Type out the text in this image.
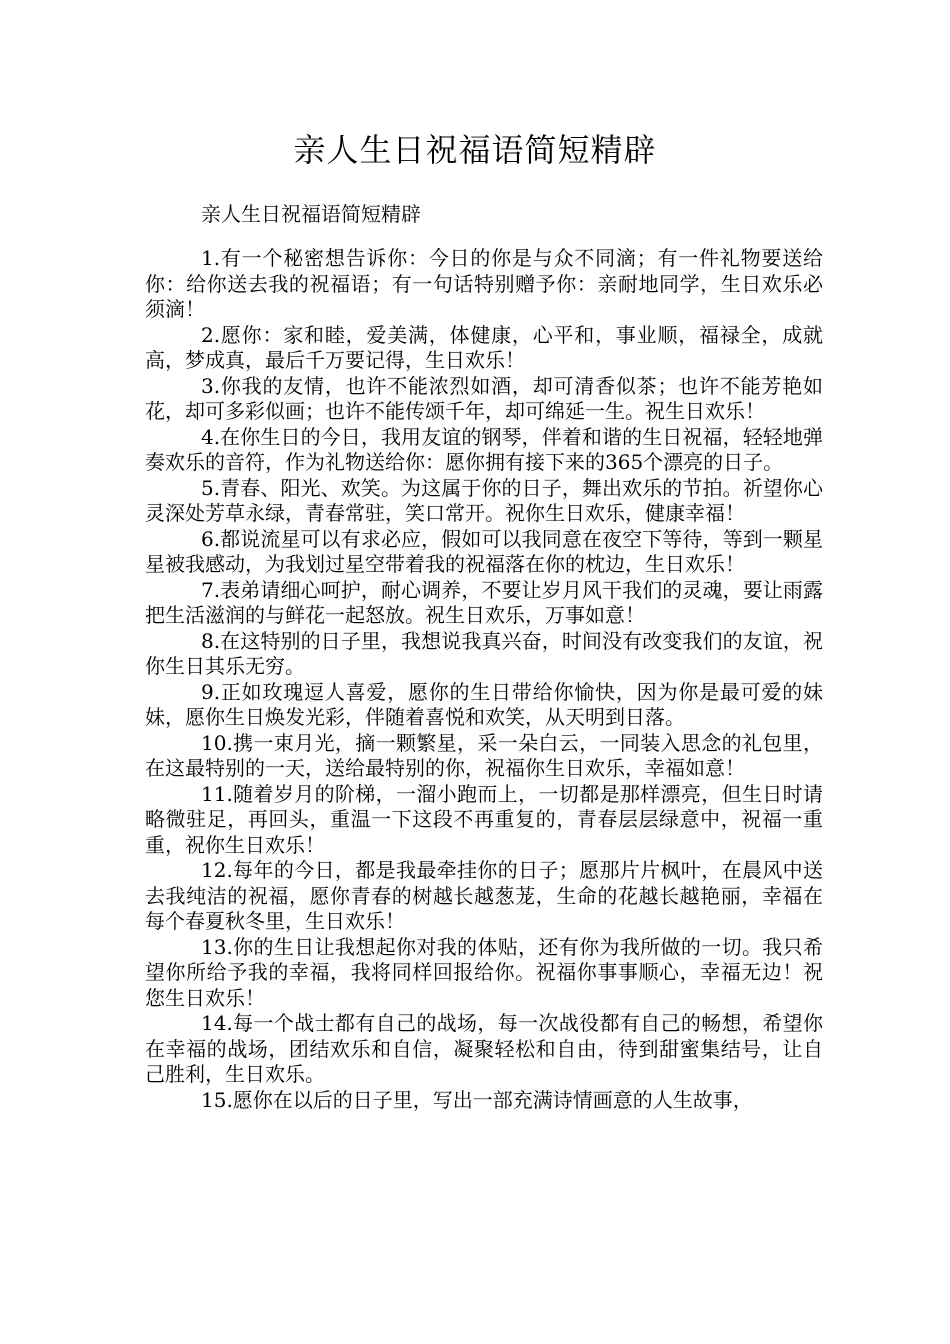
亲人生日祝福语简短精辟
亲人生日祝福语简短精辟

1.有一个秘密想告诉你：今日的你是与众不同滴；有一件礼物要送给你：给你送去我的祝福语；有一句话特别赠予你：亲耐地同学，生日欢乐必须滴！

2.愿你：家和睦，爱美满，体健康，心平和，事业顺，福禄全，成就高，梦成真，最后千万要记得，生日欢乐！

3.你我的友情，也许不能浓烈如酒，却可清香似茶；也许不能芳艳如花，却可多彩似画；也许不能传颂千年，却可绵延一生。祝生日欢乐！

4.在你生日的今日，我用友谊的钢琴，伴着和谐的生日祝福，轻轻地弹奏欢乐的音符，作为礼物送给你：愿你拥有接下来的365个漂亮的日子。

5.青春、阳光、欢笑。为这属于你的日子，舞出欢乐的节拍。祈望你心灵深处芳草永绿，青春常驻，笑口常开。祝你生日欢乐，健康幸福！

6.都说流星可以有求必应，假如可以我同意在夜空下等待，等到一颗星星被我感动，为我划过星空带着我的祝福落在你的枕边，生日欢乐！

7.表弟请细心呵护，耐心调养，不要让岁月风干我们的灵魂，要让雨露把生活滋润的与鲜花一起怒放。祝生日欢乐，万事如意！

8.在这特别的日子里，我想说我真兴奋，时间没有改变我们的友谊，祝你生日其乐无穷。

9.正如玫瑰逗人喜爱，愿你的生日带给你愉快，因为你是最可爱的妹妹，愿你生日焕发光彩，伴随着喜悦和欢笑，从天明到日落。

10.携一束月光，摘一颗繁星，采一朵白云，一同装入思念的礼包里，在这最特别的一天，送给最特别的你，祝福你生日欢乐，幸福如意！

11.随着岁月的阶梯，一溜小跑而上，一切都是那样漂亮，但生日时请略微驻足，再回头，重温一下这段不再重复的，青春层层绿意中，祝福一重重，祝你生日欢乐！

12.每年的今日，都是我最牵挂你的日子；愿那片片枫叶，在晨风中送去我纯洁的祝福，愿你青春的树越长越葱茏，生命的花越长越艳丽，幸福在每个春夏秋冬里，生日欢乐！

13.你的生日让我想起你对我的体贴，还有你为我所做的一切。我只希望你所给予我的幸福，我将同样回报给你。祝福你事事顺心，幸福无边！祝您生日欢乐！

14.每一个战士都有自己的战场，每一次战役都有自己的畅想，希望你在幸福的战场，团结欢乐和自信，凝聚轻松和自由，待到甜蜜集结号，让自己胜利，生日欢乐。

15.愿你在以后的日子里，写出一部充满诗情画意的人生故事，
